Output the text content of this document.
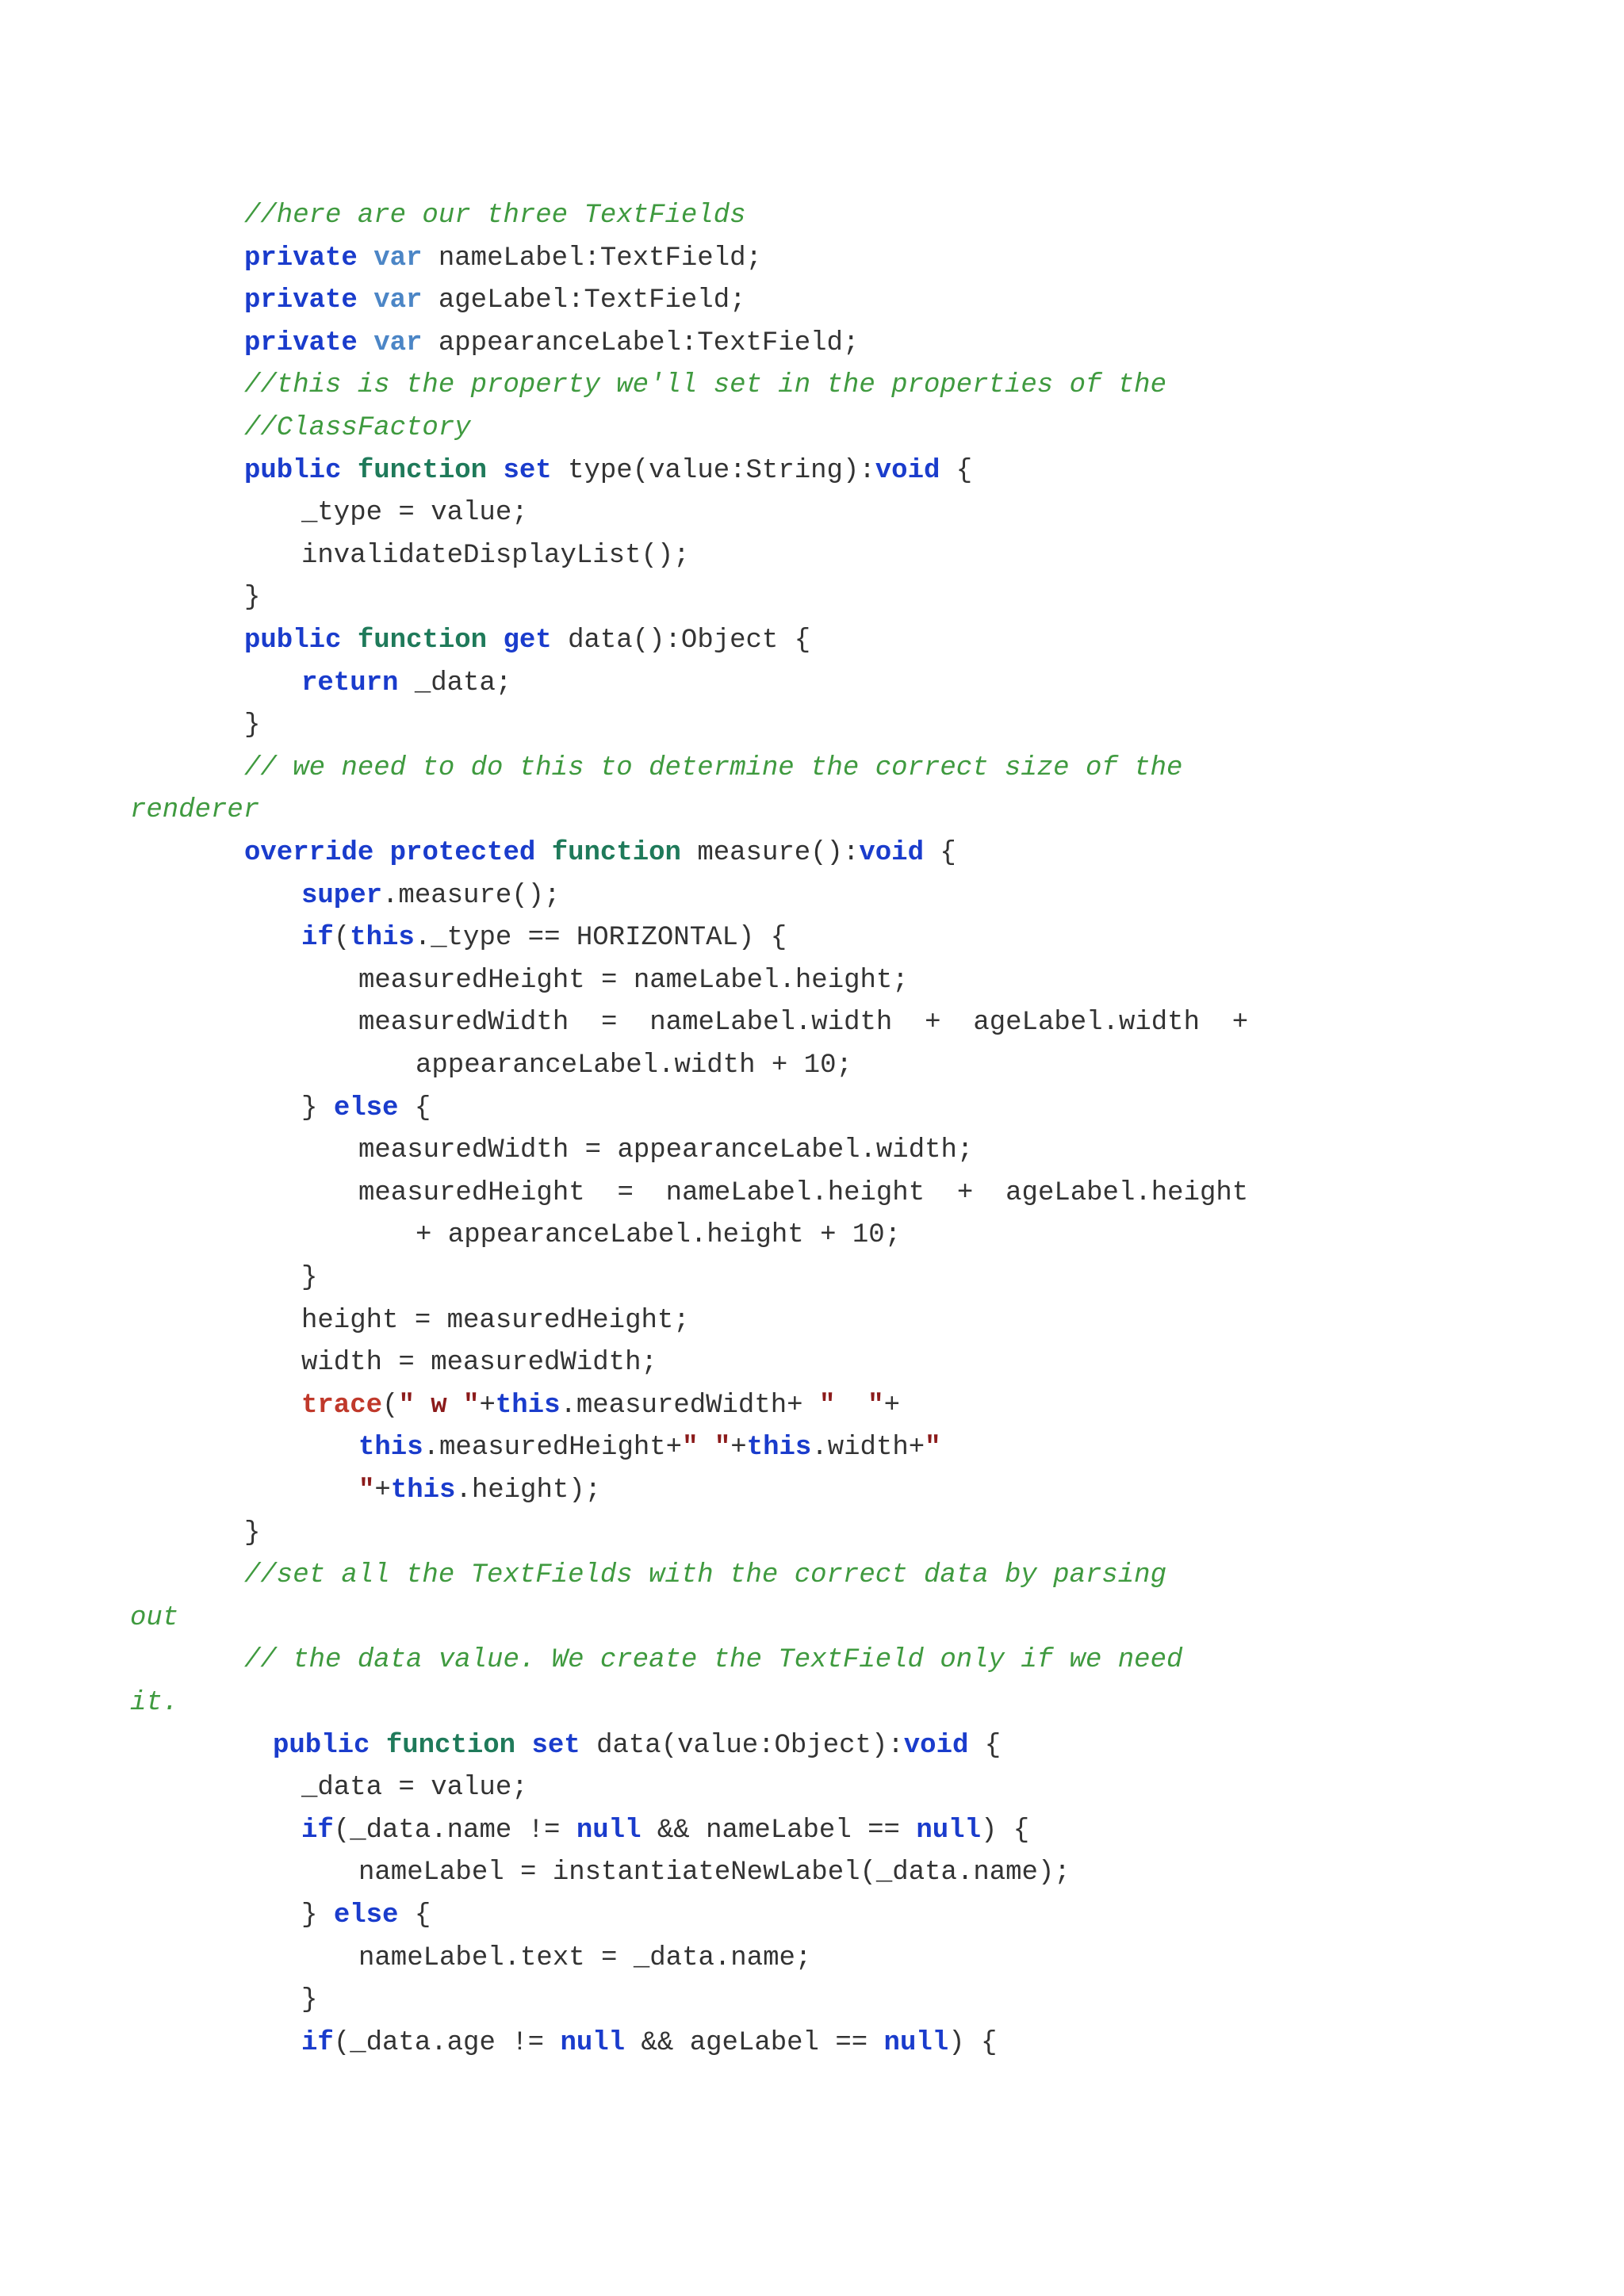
//here are our three TextFields
private var nameLabel:TextField;
private var ageLabel:TextField;
private var appearanceLabel:TextField;
//this is the property we'll set in the properties of the
//ClassFactory
public function set type(value:String):void {
_type = value;
invalidateDisplayList();
}
public function get data():Object {
return _data;
}
// we need to do this to determine the correct size of the
renderer
override protected function measure():void {
super.measure();
if(this._type == HORIZONTAL) {
measuredHeight = nameLabel.height;
measuredWidth  =  nameLabel.width  +  ageLabel.width  +
appearanceLabel.width + 10;
} else {
measuredWidth = appearanceLabel.width;
measuredHeight  =  nameLabel.height  +  ageLabel.height
+ appearanceLabel.height + 10;
}
height = measuredHeight;
width = measuredWidth;
trace(" w "+this.measuredWidth+ "  "+
this.measuredHeight+" "+this.width+"
"+this.height);
}
//set all the TextFields with the correct data by parsing
out
// the data value. We create the TextField only if we need
it.
public function set data(value:Object):void {
_data = value;
if(_data.name != null && nameLabel == null) {
nameLabel = instantiateNewLabel(_data.name);
} else {
nameLabel.text = _data.name;
}
if(_data.age != null && ageLabel == null) {
